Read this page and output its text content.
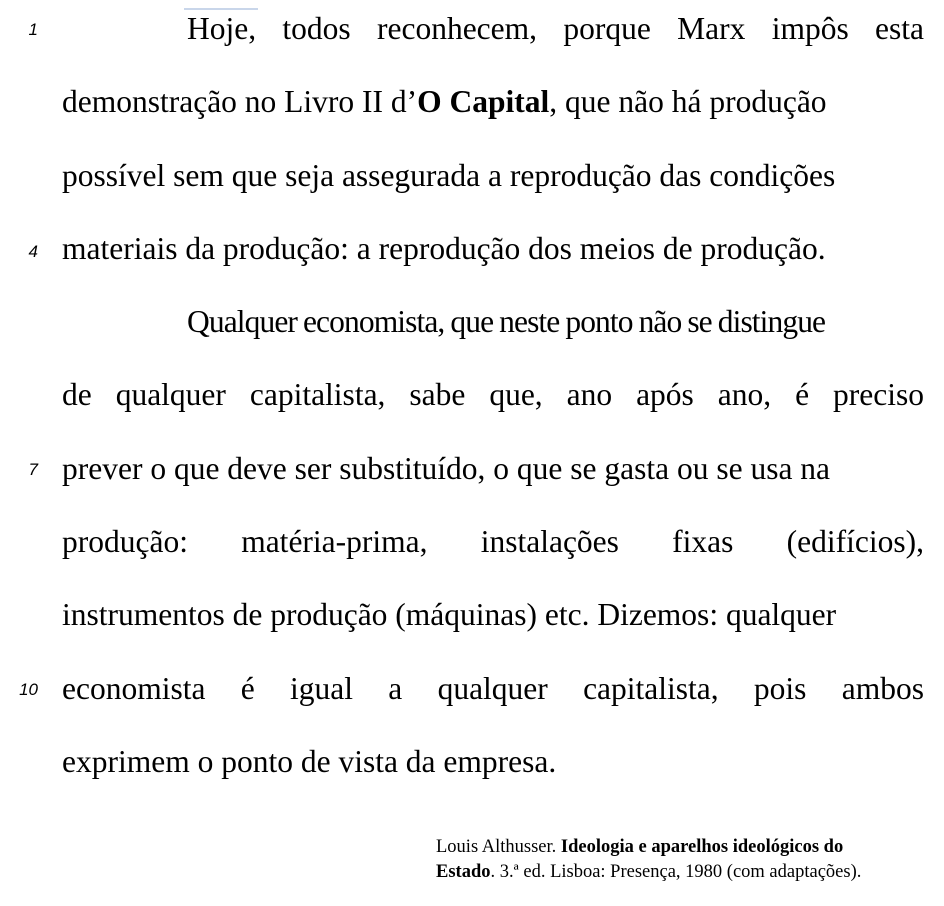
1
4
7
10
Hoje, todos reconhecem, porque Marx impôs esta
demonstração no Livro II d’O Capital, que não há produção
possível sem que seja assegurada a reprodução das condições
materiais da produção: a reprodução dos meios de produção.
Qualquer economista, que neste ponto não se distingue
de qualquer capitalista, sabe que, ano após ano, é preciso
prever o que deve ser substituído, o que se gasta ou se usa na
produção: matéria-prima, instalações fixas (edifícios),
instrumentos de produção (máquinas) etc. Dizemos: qualquer
economista é igual a qualquer capitalista, pois ambos
exprimem o ponto de vista da empresa.
Louis Althusser. Ideologia e aparelhos ideológicos do
Estado. 3.ª ed. Lisboa: Presença, 1980 (com adaptações).
